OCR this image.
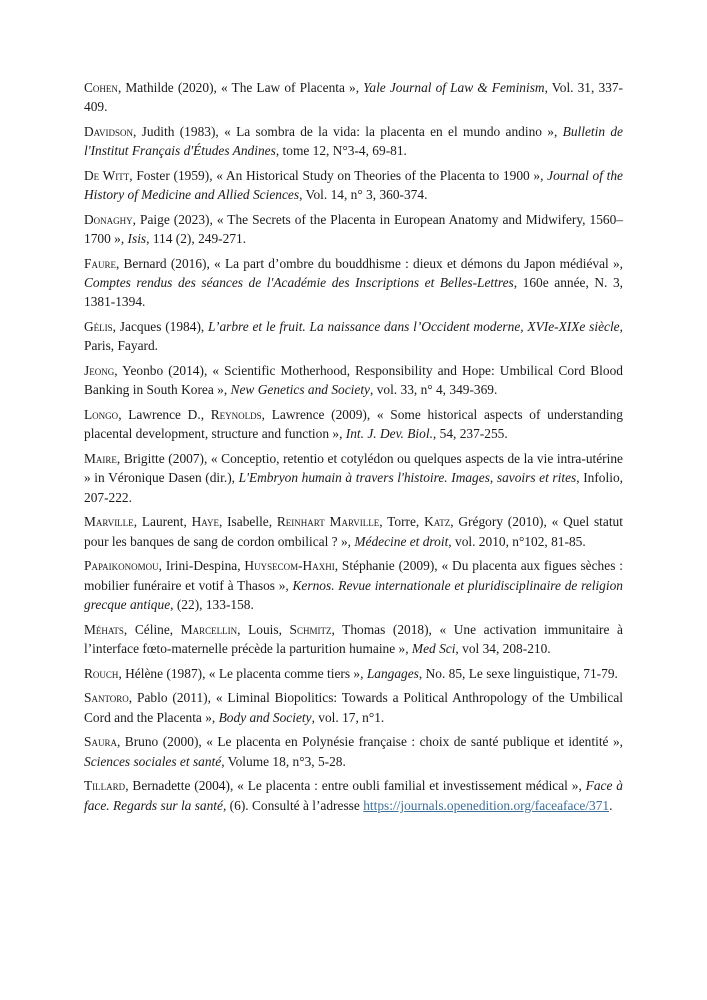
Cohen, Mathilde (2020), « The Law of Placenta », Yale Journal of Law & Feminism, Vol. 31, 337-409.

Davidson, Judith (1983), « La sombra de la vida: la placenta en el mundo andino », Bulletin de l'Institut Français d'Études Andines, tome 12, N°3-4, 69-81.

De Witt, Foster (1959), « An Historical Study on Theories of the Placenta to 1900 », Journal of the History of Medicine and Allied Sciences, Vol. 14, n° 3, 360-374.

Donaghy, Paige (2023), « The Secrets of the Placenta in European Anatomy and Midwifery, 1560–1700 », Isis, 114 (2), 249-271.

Faure, Bernard (2016), « La part d’ombre du bouddhisme : dieux et démons du Japon médiéval », Comptes rendus des séances de l'Académie des Inscriptions et Belles-Lettres, 160e année, N. 3, 1381-1394.

Gélis, Jacques (1984), L’arbre et le fruit. La naissance dans l’Occident moderne, XVIe-XIXe siècle, Paris, Fayard.

Jeong, Yeonbo (2014), « Scientific Motherhood, Responsibility and Hope: Umbilical Cord Blood Banking in South Korea », New Genetics and Society, vol. 33, n° 4, 349-369.

Longo, Lawrence D., Reynolds, Lawrence (2009), « Some historical aspects of understanding placental development, structure and function », Int. J. Dev. Biol., 54, 237-255.

Maire, Brigitte (2007), « Conceptio, retentio et cotylédon ou quelques aspects de la vie intra-utérine » in Véronique Dasen (dir.), L'Embryon humain à travers l'histoire. Images, savoirs et rites, Infolio, 207-222.

Marville, Laurent, Haye, Isabelle, Reinhart Marville, Torre, Katz, Grégory (2010), « Quel statut pour les banques de sang de cordon ombilical ? », Médecine et droit, vol. 2010, n°102, 81-85.

Papaikonomou, Irini-Despina, Huysecom-Haxhi, Stéphanie (2009), « Du placenta aux figues sèches : mobilier funéraire et votif à Thasos », Kernos. Revue internationale et pluridisciplinaire de religion grecque antique, (22), 133-158.

Méhats, Céline, Marcellin, Louis, Schmitz, Thomas (2018), « Une activation immunitaire à l’interface fœto-maternelle précède la parturition humaine », Med Sci, vol 34, 208-210.

Rouch, Hélène (1987), « Le placenta comme tiers », Langages, No. 85, Le sexe linguistique, 71-79.

Santoro, Pablo (2011), « Liminal Biopolitics: Towards a Political Anthropology of the Umbilical Cord and the Placenta », Body and Society, vol. 17, n°1.

Saura, Bruno (2000), « Le placenta en Polynésie française : choix de santé publique et identité », Sciences sociales et santé, Volume 18, n°3, 5-28.

Tillard, Bernadette (2004), « Le placenta : entre oubli familial et investissement médical », Face à face. Regards sur la santé, (6). Consulté à l’adresse https://journals.openedition.org/faceaface/371.
